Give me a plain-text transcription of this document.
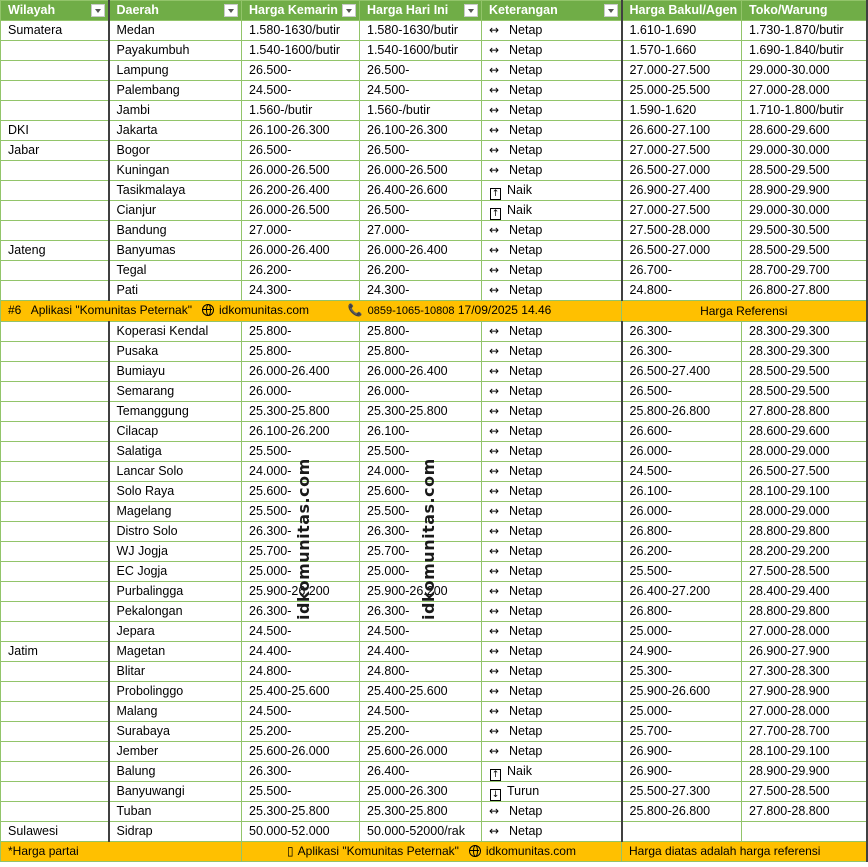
Wilayah	Daerah	Harga Kemarin	Harga Hari Ini	Keterangan	Harga Bakul/Agen	Toko/Warung
Sumatera	Medan	1.580-1630/butir	1.580-1630/butir	↔ Netap	1.610-1.690	1.730-1.870/butir
	Payakumbuh	1.540-1600/butir	1.540-1600/butir	↔ Netap	1.570-1.660	1.690-1.840/butir
	Lampung	26.500-	26.500-	↔ Netap	27.000-27.500	29.000-30.000
	Palembang	24.500-	24.500-	↔ Netap	25.000-25.500	27.000-28.000
	Jambi	1.560-/butir	1.560-/butir	↔ Netap	1.590-1.620	1.710-1.800/butir
DKI	Jakarta	26.100-26.300	26.100-26.300	↔ Netap	26.600-27.100	28.600-29.600
Jabar	Bogor	26.500-	26.500-	↔ Netap	27.000-27.500	29.000-30.000
	Kuningan	26.000-26.500	26.000-26.500	↔ Netap	26.500-27.000	28.500-29.500
	Tasikmalaya	26.200-26.400	26.400-26.600	↑ Naik	26.900-27.400	28.900-29.900
	Cianjur	26.000-26.500	26.500-	↑ Naik	27.000-27.500	29.000-30.000
	Bandung	27.000-	27.000-	↔ Netap	27.500-28.000	29.500-30.500
Jateng	Banyumas	26.000-26.400	26.000-26.400	↔ Netap	26.500-27.000	28.500-29.500
	Tegal	26.200-	26.200-	↔ Netap	26.700-	28.700-29.700
	Pati	24.300-	24.300-	↔ Netap	24.800-	26.800-27.800
#6 Aplikasi "Komunitas Peternak" idkomunitas.com 📞 0859-1065-10808 17/09/2025 14.46					Harga Referensi	
	Koperasi Kendal	25.800-	25.800-	↔ Netap	26.300-	28.300-29.300
	Pusaka	25.800-	25.800-	↔ Netap	26.300-	28.300-29.300
	Bumiayu	26.000-26.400	26.000-26.400	↔ Netap	26.500-27.400	28.500-29.500
	Semarang	26.000-	26.000-	↔ Netap	26.500-	28.500-29.500
	Temanggung	25.300-25.800	25.300-25.800	↔ Netap	25.800-26.800	27.800-28.800
	Cilacap	26.100-26.200	26.100-	↔ Netap	26.600-	28.600-29.600
	Salatiga	25.500-	25.500-	↔ Netap	26.000-	28.000-29.000
	Lancar Solo	24.000-	24.000-	↔ Netap	24.500-	26.500-27.500
	Solo Raya	25.600-	25.600-	↔ Netap	26.100-	28.100-29.100
	Magelang	25.500-	25.500-	↔ Netap	26.000-	28.000-29.000
	Distro Solo	26.300-	26.300-	↔ Netap	26.800-	28.800-29.800
	WJ Jogja	25.700-	25.700-	↔ Netap	26.200-	28.200-29.200
	EC Jogja	25.000-	25.000-	↔ Netap	25.500-	27.500-28.500
	Purbalingga	25.900-26.200	25.900-26.200	↔ Netap	26.400-27.200	28.400-29.400
	Pekalongan	26.300-	26.300-	↔ Netap	26.800-	28.800-29.800
	Jepara	24.500-	24.500-	↔ Netap	25.000-	27.000-28.000
Jatim	Magetan	24.400-	24.400-	↔ Netap	24.900-	26.900-27.900
	Blitar	24.800-	24.800-	↔ Netap	25.300-	27.300-28.300
	Probolinggo	25.400-25.600	25.400-25.600	↔ Netap	25.900-26.600	27.900-28.900
	Malang	24.500-	24.500-	↔ Netap	25.000-	27.000-28.000
	Surabaya	25.200-	25.200-	↔ Netap	25.700-	27.700-28.700
	Jember	25.600-26.000	25.600-26.000	↔ Netap	26.900-	28.100-29.100
	Balung	26.300-	26.400-	↑ Naik	26.900-	28.900-29.900
	Banyuwangi	25.500-	25.000-26.300	↓ Turun	25.500-27.300	27.500-28.500
	Tuban	25.300-25.800	25.300-25.800	↔ Netap	25.800-26.800	27.800-28.800
Sulawesi	Sidrap	50.000-52.000	50.000-52000/rak	↔ Netap		
*Harga partai		▯ Aplikasi "Komunitas Peternak" idkomunitas.com			Harga diatas adalah harga referensi	
idkomunitas.com	idkomunitas.com
